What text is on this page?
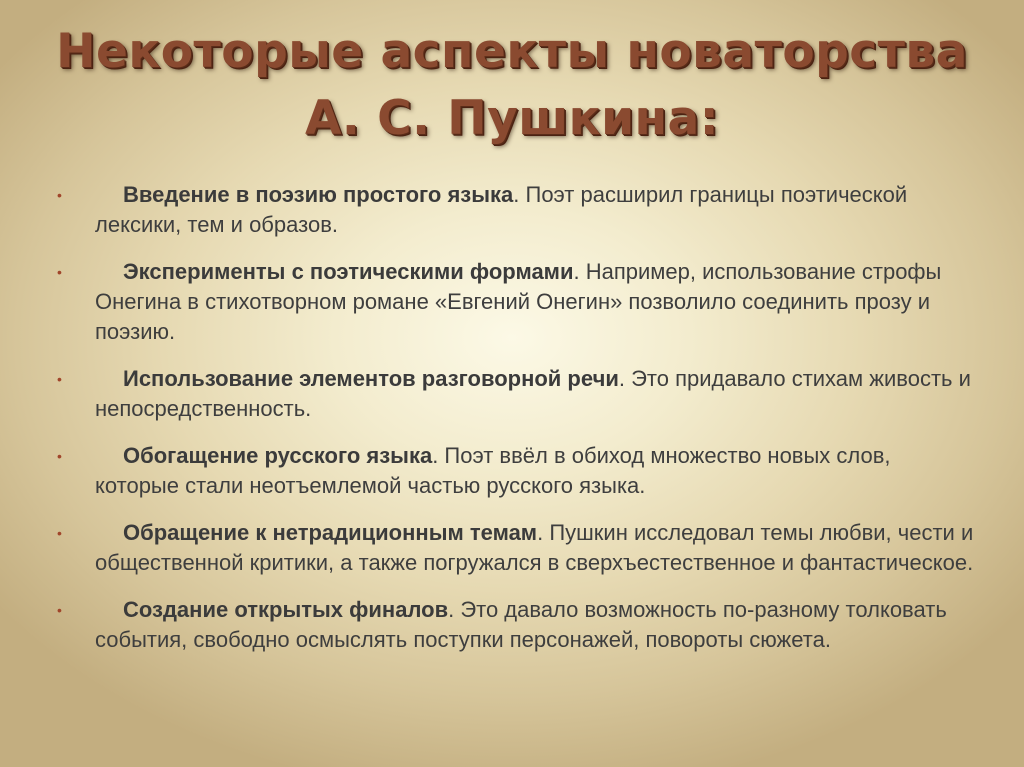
Некоторые аспекты новаторства
А. С. Пушкина:
•	Введение в поэзию простого языка. Поэт расширил границы поэтической лексики, тем и образов.
•	Эксперименты с поэтическими формами. Например, использование строфы Онегина в стихотворном романе «Евгений Онегин» позволило соединить прозу и поэзию.
•	Использование элементов разговорной речи. Это придавало стихам живость и непосредственность.
•	Обогащение русского языка. Поэт ввёл в обиход множество новых слов, которые стали неотъемлемой частью русского языка.
•	Обращение к нетрадиционным темам. Пушкин исследовал темы любви, чести и общественной критики, а также погружался в сверхъестественное и фантастическое.
•	Создание открытых финалов. Это давало возможность по-разному толковать события, свободно осмыслять поступки персонажей, повороты сюжета.
